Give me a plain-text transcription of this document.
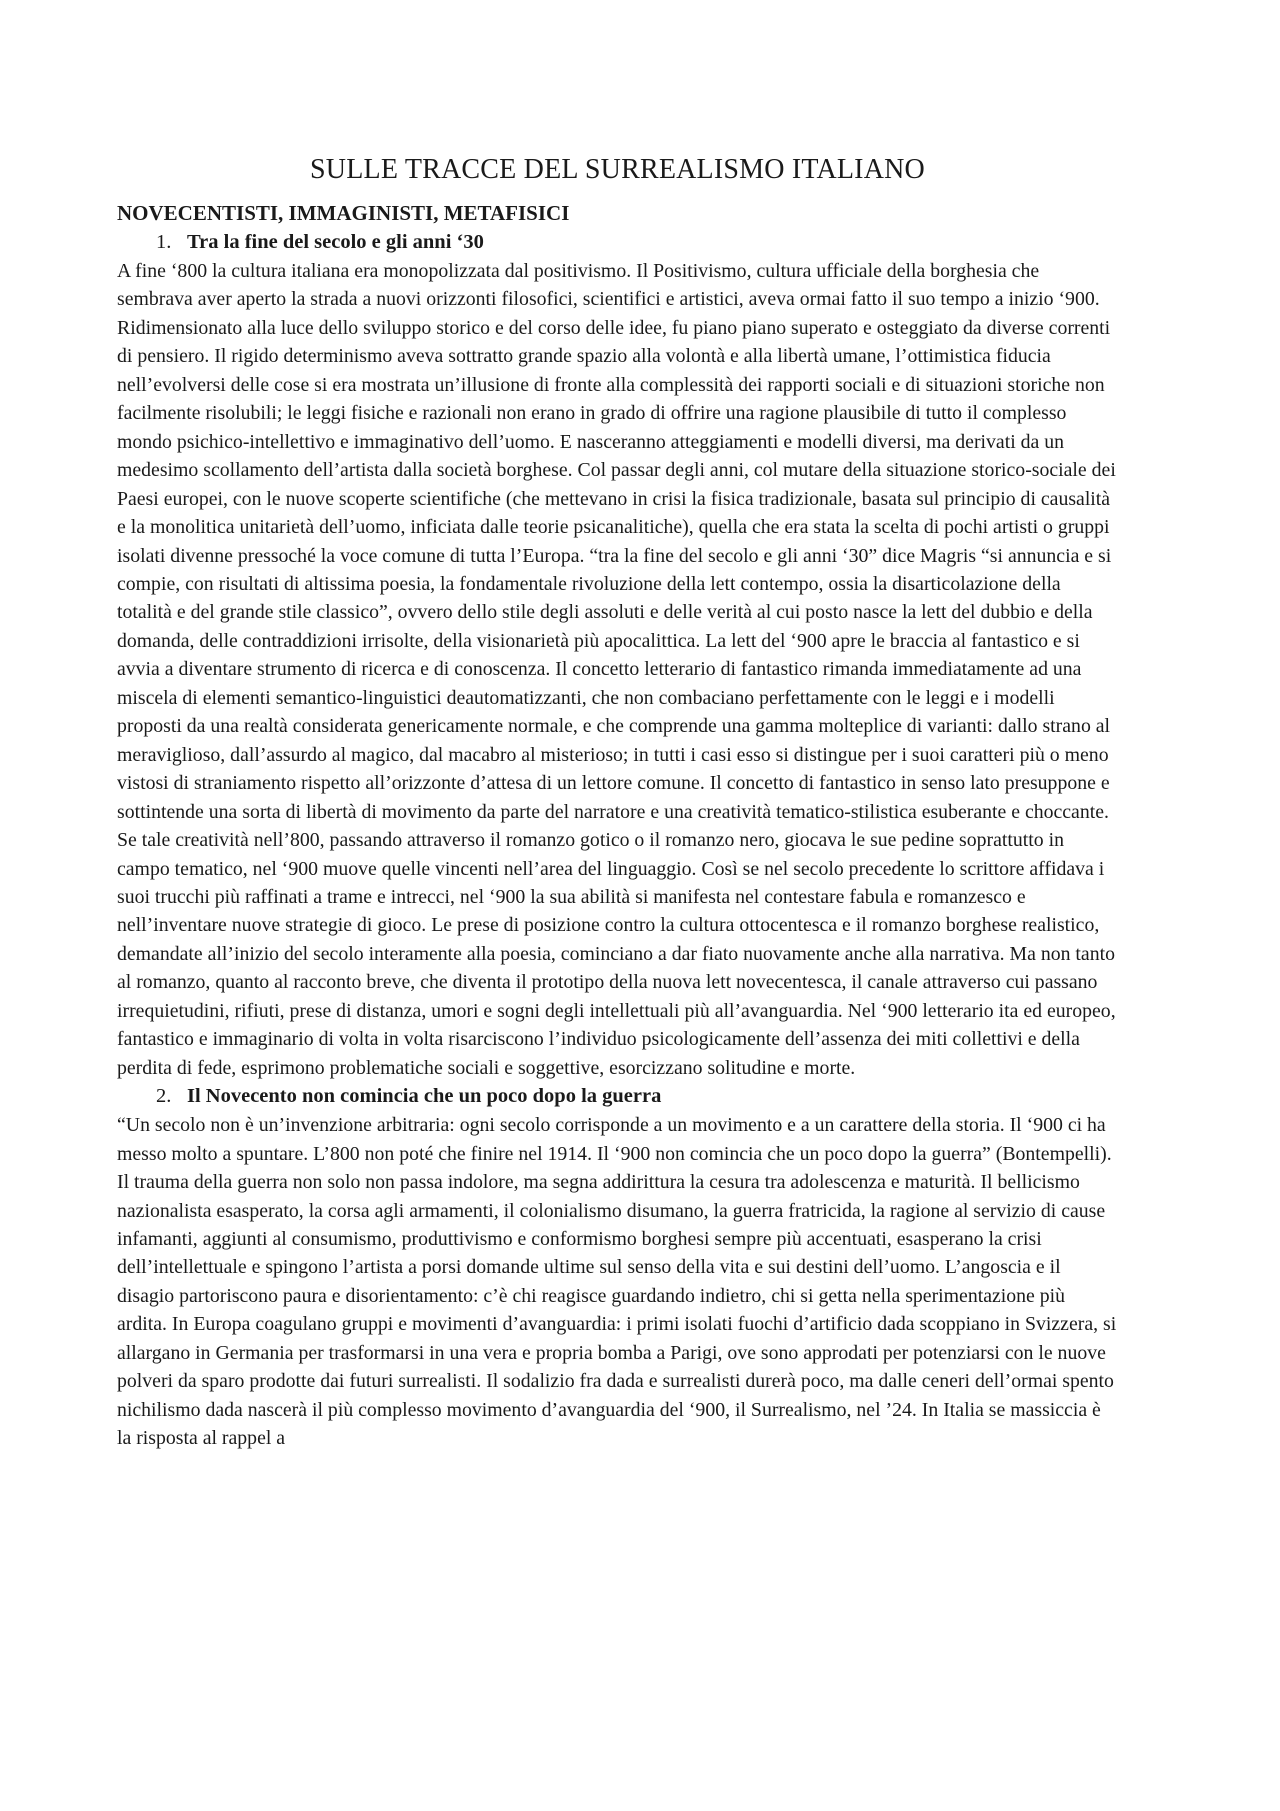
SULLE TRACCE DEL SURREALISMO ITALIANO
NOVECENTISTI, IMMAGINISTI, METAFISICI
1. Tra la fine del secolo e gli anni ‘30

A fine ‘800 la cultura italiana era monopolizzata dal positivismo. Il Positivismo, cultura ufficiale della borghesia che sembrava aver aperto la strada a nuovi orizzonti filosofici, scientifici e artistici, aveva ormai fatto il suo tempo a inizio ‘900. Ridimensionato alla luce dello sviluppo storico e del corso delle idee, fu piano piano superato e osteggiato da diverse correnti di pensiero. Il rigido determinismo aveva sottratto grande spazio alla volontà e alla libertà umane, l’ottimistica fiducia nell’evolversi delle cose si era mostrata un’illusione di fronte alla complessità dei rapporti sociali e di situazioni storiche non facilmente risolubili; le leggi fisiche e razionali non erano in grado di offrire una ragione plausibile di tutto il complesso mondo psichico-intellettivo e immaginativo dell’uomo. E nasceranno atteggiamenti e modelli diversi, ma derivati da un medesimo scollamento dell’artista dalla società borghese. Col passar degli anni, col mutare della situazione storico-sociale dei Paesi europei, con le nuove scoperte scientifiche (che mettevano in crisi la fisica tradizionale, basata sul principio di causalità e la monolitica unitarietà dell’uomo, inficiata dalle teorie psicanalitiche), quella che era stata la scelta di pochi artisti o gruppi isolati divenne pressoché la voce comune di tutta l’Europa. “tra la fine del secolo e gli anni ‘30” dice Magris “si annuncia e si compie, con risultati di altissima poesia, la fondamentale rivoluzione della lett contempo, ossia la disarticolazione della totalità e del grande stile classico”, ovvero dello stile degli assoluti e delle verità al cui posto nasce la lett del dubbio e della domanda, delle contraddizioni irrisolte, della visionarietà più apocalittica. La lett del ‘900 apre le braccia al fantastico e si avvia a diventare strumento di ricerca e di conoscenza. Il concetto letterario di fantastico rimanda immediatamente ad una miscela di elementi semantico-linguistici deautomatizzanti, che non combaciano perfettamente con le leggi e i modelli proposti da una realtà considerata genericamente normale, e che comprende una gamma molteplice di varianti: dallo strano al meraviglioso, dall’assurdo al magico, dal macabro al misterioso; in tutti i casi esso si distingue per i suoi caratteri più o meno vistosi di straniamento rispetto all’orizzonte d’attesa di un lettore comune. Il concetto di fantastico in senso lato presuppone e sottintende una sorta di libertà di movimento da parte del narratore e una creatività tematico-stilistica esuberante e choccante. Se tale creatività nell’800, passando attraverso il romanzo gotico o il romanzo nero, giocava le sue pedine soprattutto in campo tematico, nel ‘900 muove quelle vincenti nell’area del linguaggio. Così se nel secolo precedente lo scrittore affidava i suoi trucchi più raffinati a trame e intrecci, nel ‘900 la sua abilità si manifesta nel contestare fabula e romanzesco e nell’inventare nuove strategie di gioco. Le prese di posizione contro la cultura ottocentesca e il romanzo borghese realistico, demandate all’inizio del secolo interamente alla poesia, cominciano a dar fiato nuovamente anche alla narrativa. Ma non tanto al romanzo, quanto al racconto breve, che diventa il prototipo della nuova lett novecentesca, il canale attraverso cui passano irrequietudini, rifiuti, prese di distanza, umori e sogni degli intellettuali più all’avanguardia. Nel ‘900 letterario ita ed europeo, fantastico e immaginario di volta in volta risarciscono l’individuo psicologicamente dell’assenza dei miti collettivi e della perdita di fede, esprimono problematiche sociali e soggettive, esorcizzano solitudine e morte.

2. Il Novecento non comincia che un poco dopo la guerra

“Un secolo non è un’invenzione arbitraria: ogni secolo corrisponde a un movimento e a un carattere della storia. Il ‘900 ci ha messo molto a spuntare. L’800 non poté che finire nel 1914. Il ‘900 non comincia che un poco dopo la guerra” (Bontempelli). Il trauma della guerra non solo non passa indolore, ma segna addirittura la cesura tra adolescenza e maturità. Il bellicismo nazionalista esasperato, la corsa agli armamenti, il colonialismo disumano, la guerra fratricida, la ragione al servizio di cause infamanti, aggiunti al consumismo, produttivismo e conformismo borghesi sempre più accentuati, esasperano la crisi dell’intellettuale e spingono l’artista a porsi domande ultime sul senso della vita e sui destini dell’uomo. L’angoscia e il disagio partoriscono paura e disorientamento: c’è chi reagisce guardando indietro, chi si getta nella sperimentazione più ardita. In Europa coagulano gruppi e movimenti d’avanguardia: i primi isolati fuochi d’artificio dada scoppiano in Svizzera, si allargano in Germania per trasformarsi in una vera e propria bomba a Parigi, ove sono approdati per potenziarsi con le nuove polveri da sparo prodotte dai futuri surrealisti. Il sodalizio fra dada e surrealisti durerà poco, ma dalle ceneri dell’ormai spento nichilismo dada nascerà il più complesso movimento d’avanguardia del ‘900, il Surrealismo, nel ’24. In Italia se massiccia è la risposta al rappel a
